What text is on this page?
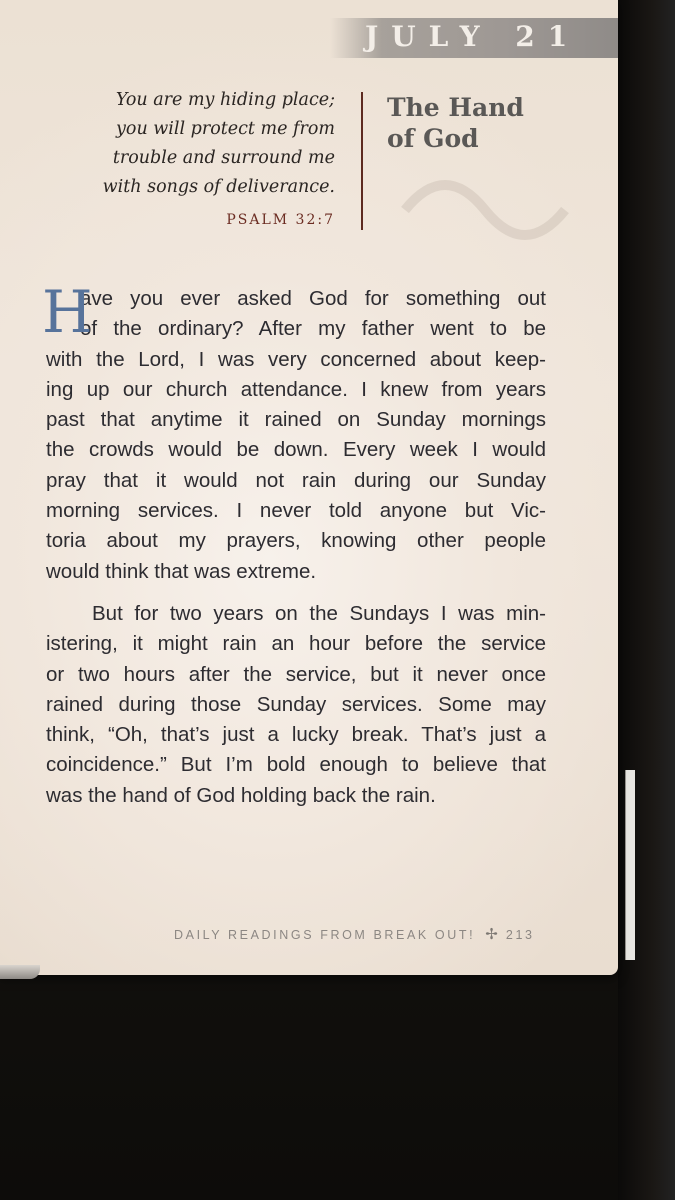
JULY 21
You are my hiding place;
you will protect me from
trouble and surround me
with songs of deliverance.
PSALM 32:7
The Hand
of God
H
ave you ever asked God for something out
of the ordinary? After my father went to be
with the Lord, I was very concerned about keep-
ing up our church attendance. I knew from years
past that anytime it rained on Sunday mornings
the crowds would be down. Every week I would
pray that it would not rain during our Sunday
morning services. I never told anyone but Vic-
toria about my prayers, knowing other people
would think that was extreme.
But for two years on the Sundays I was min-
istering, it might rain an hour before the service
or two hours after the service, but it never once
rained during those Sunday services. Some may
think, “Oh, that’s just a lucky break. That’s just a
coincidence.” But I’m bold enough to believe that
was the hand of God holding back the rain.
DAILY READINGS FROM BREAK OUT! ✢ 213
